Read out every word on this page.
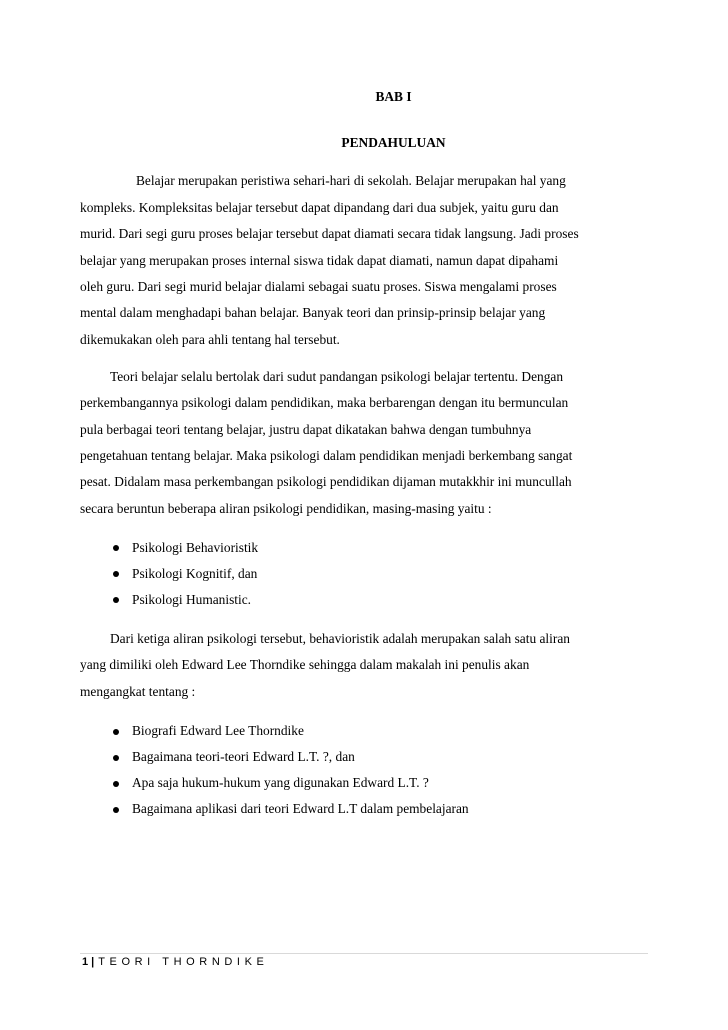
BAB I
PENDAHULUAN
Belajar merupakan peristiwa sehari-hari di sekolah. Belajar merupakan hal yang
kompleks. Kompleksitas belajar tersebut dapat dipandang dari dua subjek, yaitu guru dan
murid. Dari segi guru proses belajar tersebut dapat diamati secara tidak langsung. Jadi proses
belajar yang merupakan proses internal siswa tidak dapat diamati, namun dapat dipahami
oleh guru. Dari segi murid belajar dialami sebagai suatu proses. Siswa mengalami proses
mental dalam menghadapi bahan belajar. Banyak teori dan prinsip-prinsip belajar yang
dikemukakan oleh para ahli tentang hal tersebut.
Teori belajar selalu bertolak dari sudut pandangan psikologi belajar tertentu. Dengan
perkembangannya psikologi dalam pendidikan, maka berbarengan dengan itu bermunculan
pula berbagai teori tentang belajar, justru dapat dikatakan bahwa dengan tumbuhnya
pengetahuan tentang belajar. Maka psikologi dalam pendidikan menjadi berkembang sangat
pesat. Didalam masa perkembangan psikologi pendidikan dijaman mutakkhir ini muncullah
secara beruntun beberapa aliran psikologi pendidikan, masing-masing yaitu :
Psikologi Behavioristik
Psikologi Kognitif, dan
Psikologi Humanistic.
Dari ketiga aliran psikologi tersebut, behavioristik adalah merupakan salah satu aliran
yang dimiliki oleh Edward Lee Thorndike sehingga dalam makalah ini penulis akan
mengangkat tentang :
Biografi Edward Lee Thorndike
Bagaimana teori-teori Edward L.T. ?, dan
Apa saja hukum-hukum yang digunakan Edward L.T. ?
Bagaimana aplikasi dari teori Edward L.T dalam pembelajaran
1 | TEORI THORNDIKE
